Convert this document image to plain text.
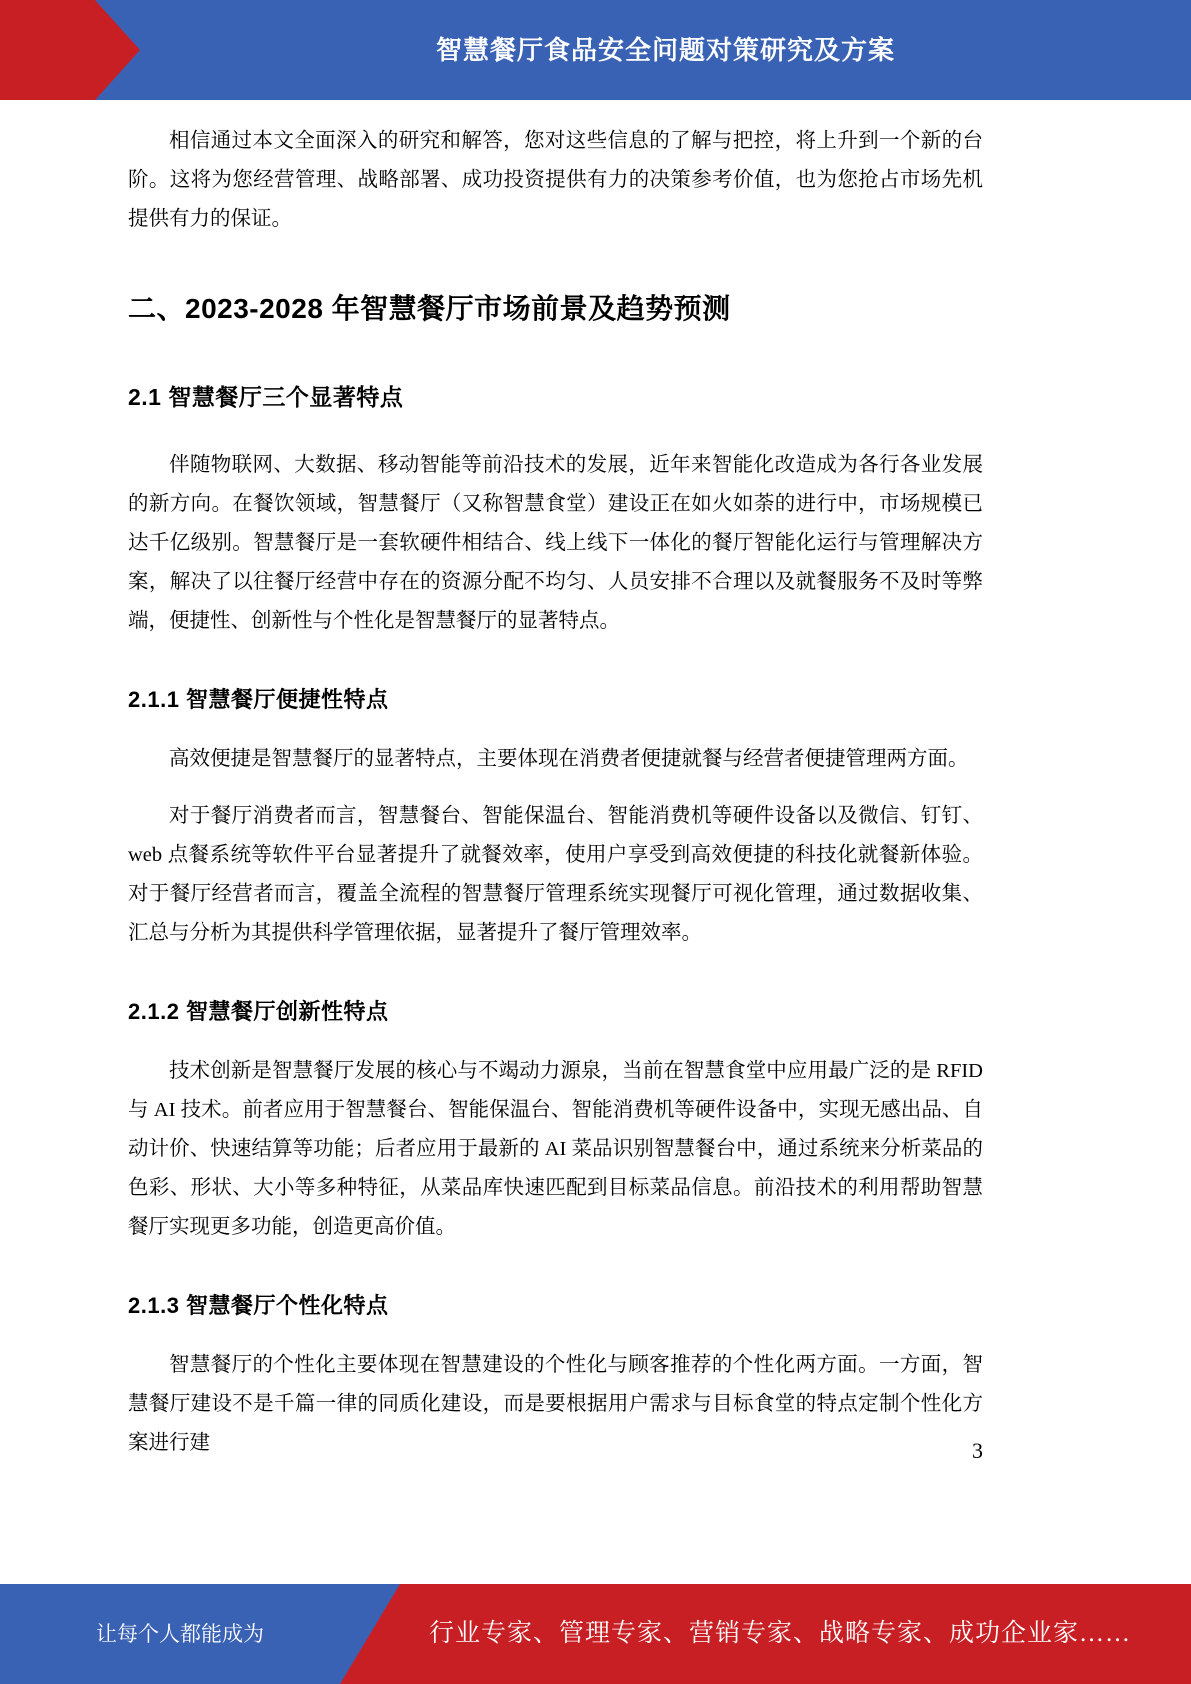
智慧餐厅食品安全问题对策研究及方案

相信通过本文全面深入的研究和解答，您对这些信息的了解与把控，将上升到一个新的台阶。这将为您经营管理、战略部署、成功投资提供有力的决策参考价值，也为您抢占市场先机提供有力的保证。

二、2023-2028 年智慧餐厅市场前景及趋势预测
2.1 智慧餐厅三个显著特点

伴随物联网、大数据、移动智能等前沿技术的发展，近年来智能化改造成为各行各业发展的新方向。在餐饮领域，智慧餐厅（又称智慧食堂）建设正在如火如荼的进行中，市场规模已达千亿级别。智慧餐厅是一套软硬件相结合、线上线下一体化的餐厅智能化运行与管理解决方案，解决了以往餐厅经营中存在的资源分配不均匀、人员安排不合理以及就餐服务不及时等弊端，便捷性、创新性与个性化是智慧餐厅的显著特点。

2.1.1 智慧餐厅便捷性特点

高效便捷是智慧餐厅的显著特点，主要体现在消费者便捷就餐与经营者便捷管理两方面。

对于餐厅消费者而言，智慧餐台、智能保温台、智能消费机等硬件设备以及微信、钉钉、web 点餐系统等软件平台显著提升了就餐效率，使用户享受到高效便捷的科技化就餐新体验。对于餐厅经营者而言，覆盖全流程的智慧餐厅管理系统实现餐厅可视化管理，通过数据收集、汇总与分析为其提供科学管理依据，显著提升了餐厅管理效率。

2.1.2 智慧餐厅创新性特点

技术创新是智慧餐厅发展的核心与不竭动力源泉，当前在智慧食堂中应用最广泛的是 RFID 与 AI 技术。前者应用于智慧餐台、智能保温台、智能消费机等硬件设备中，实现无感出品、自动计价、快速结算等功能；后者应用于最新的 AI 菜品识别智慧餐台中，通过系统来分析菜品的色彩、形状、大小等多种特征，从菜品库快速匹配到目标菜品信息。前沿技术的利用帮助智慧餐厅实现更多功能，创造更高价值。

2.1.3 智慧餐厅个性化特点

智慧餐厅的个性化主要体现在智慧建设的个性化与顾客推荐的个性化两方面。一方面，智慧餐厅建设不是千篇一律的同质化建设，而是要根据用户需求与目标食堂的特点定制个性化方案进行建	3
让每个人都能成为	行业专家、管理专家、营销专家、战略专家、成功企业家……
